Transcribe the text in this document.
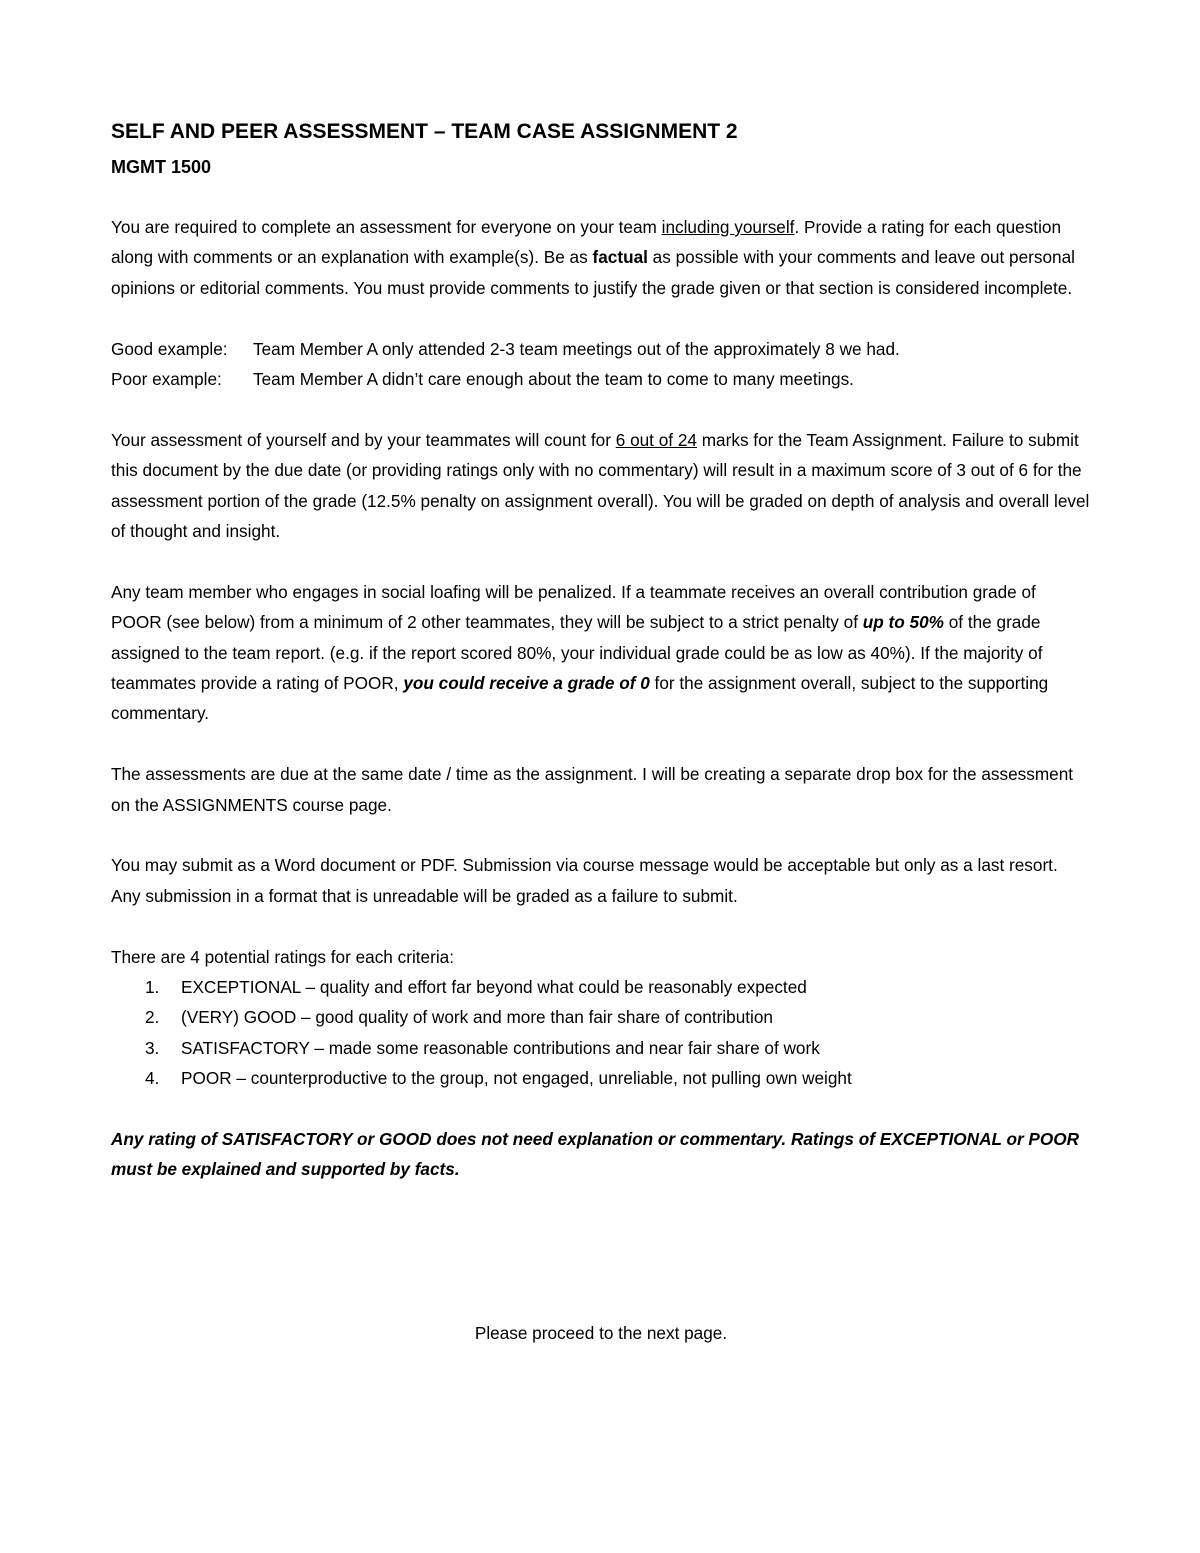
SELF AND PEER ASSESSMENT – TEAM CASE ASSIGNMENT 2
MGMT 1500

You are required to complete an assessment for everyone on your team including yourself. Provide a rating for each question along with comments or an explanation with example(s). Be as factual as possible with your comments and leave out personal opinions or editorial comments. You must provide comments to justify the grade given or that section is considered incomplete.

Good example: Team Member A only attended 2-3 team meetings out of the approximately 8 we had.

Poor example: Team Member A didn’t care enough about the team to come to many meetings.

Your assessment of yourself and by your teammates will count for 6 out of 24 marks for the Team Assignment. Failure to submit this document by the due date (or providing ratings only with no commentary) will result in a maximum score of 3 out of 6 for the assessment portion of the grade (12.5% penalty on assignment overall). You will be graded on depth of analysis and overall level of thought and insight.

Any team member who engages in social loafing will be penalized. If a teammate receives an overall contribution grade of POOR (see below) from a minimum of 2 other teammates, they will be subject to a strict penalty of up to 50% of the grade assigned to the team report. (e.g. if the report scored 80%, your individual grade could be as low as 40%). If the majority of teammates provide a rating of POOR, you could receive a grade of 0 for the assignment overall, subject to the supporting commentary.

The assessments are due at the same date / time as the assignment. I will be creating a separate drop box for the assessment on the ASSIGNMENTS course page.

You may submit as a Word document or PDF. Submission via course message would be acceptable but only as a last resort. Any submission in a format that is unreadable will be graded as a failure to submit.

There are 4 potential ratings for each criteria:

1. EXCEPTIONAL – quality and effort far beyond what could be reasonably expected
2. (VERY) GOOD – good quality of work and more than fair share of contribution
3. SATISFACTORY – made some reasonable contributions and near fair share of work
4. POOR – counterproductive to the group, not engaged, unreliable, not pulling own weight

Any rating of SATISFACTORY or GOOD does not need explanation or commentary. Ratings of EXCEPTIONAL or POOR must be explained and supported by facts.

Please proceed to the next page.
